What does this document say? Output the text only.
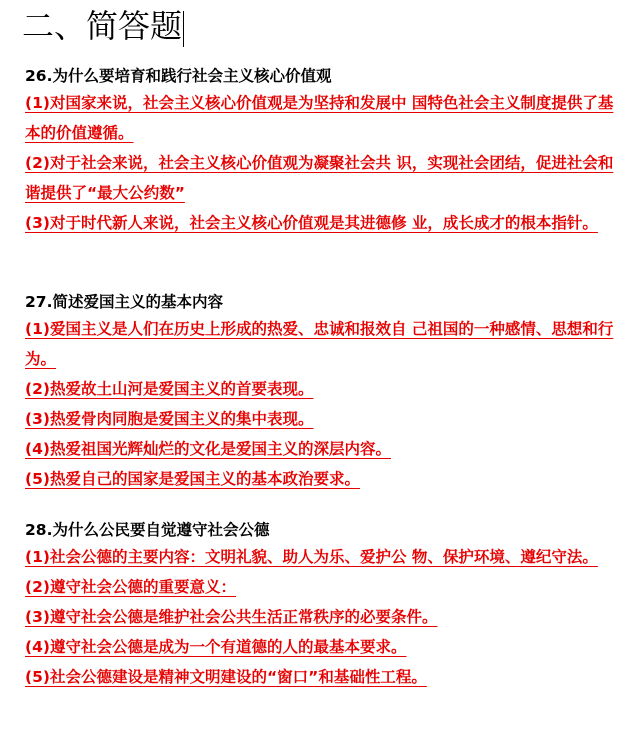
二、简答题
26.为什么要培育和践行社会主义核心价值观
(1)对国家来说，社会主义核心价值观是为坚持和发展中 国特色社会主义制度提供了基本的价值遵循。
(2)对于社会来说，社会主义核心价值观为凝聚社会共 识，实现社会团结，促进社会和谐提供了“最大公约数”
(3)对于时代新人来说，社会主义核心价值观是其进德修 业，成长成才的根本指针。
27.简述爱国主义的基本内容
(1)爱国主义是人们在历史上形成的热爱、忠诚和报效自 己祖国的一种感情、思想和行为。
(2)热爱故土山河是爱国主义的首要表现。
(3)热爱骨肉同胞是爱国主义的集中表现。
(4)热爱祖国光辉灿烂的文化是爱国主义的深层内容。
(5)热爱自己的国家是爱国主义的基本政治要求。
28.为什么公民要自觉遵守社会公德
(1)社会公德的主要内容：文明礼貌、助人为乐、爱护公 物、保护环境、遵纪守法。
(2)遵守社会公德的重要意义：
(3)遵守社会公德是维护社会公共生活正常秩序的必要条件。
(4)遵守社会公德是成为一个有道德的人的最基本要求。
(5)社会公德建设是精神文明建设的“窗口”和基础性工程。
